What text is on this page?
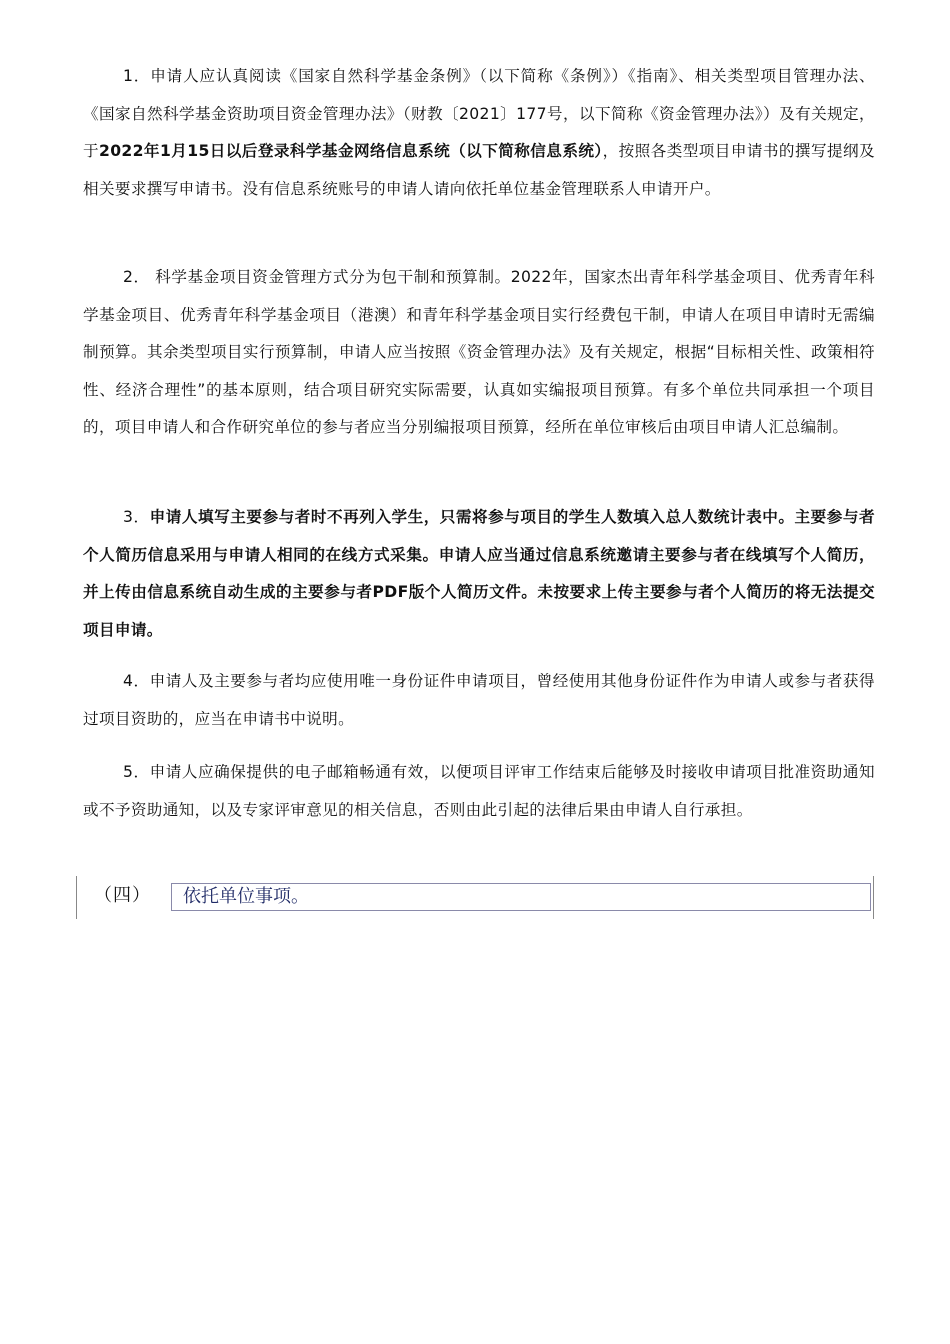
1．申请人应认真阅读《国家自然科学基金条例》（以下简称《条例》）《指南》、相关类型项目管理办法、《国家自然科学基金资助项目资金管理办法》（财教〔2021〕177号，以下简称《资金管理办法》）及有关规定，于2022年1月15日以后登录科学基金网络信息系统（以下简称信息系统），按照各类型项目申请书的撰写提纲及相关要求撰写申请书。没有信息系统账号的申请人请向依托单位基金管理联系人申请开户。

2． 科学基金项目资金管理方式分为包干制和预算制。2022年，国家杰出青年科学基金项目、优秀青年科学基金项目、优秀青年科学基金项目（港澳）和青年科学基金项目实行经费包干制，申请人在项目申请时无需编制预算。其余类型项目实行预算制，申请人应当按照《资金管理办法》及有关规定，根据“目标相关性、政策相符性、经济合理性”的基本原则，结合项目研究实际需要，认真如实编报项目预算。有多个单位共同承担一个项目的，项目申请人和合作研究单位的参与者应当分别编报项目预算，经所在单位审核后由项目申请人汇总编制。

3．申请人填写主要参与者时不再列入学生，只需将参与项目的学生人数填入总人数统计表中。主要参与者个人简历信息采用与申请人相同的在线方式采集。申请人应当通过信息系统邀请主要参与者在线填写个人简历，并上传由信息系统自动生成的主要参与者PDF版个人简历文件。未按要求上传主要参与者个人简历的将无法提交项目申请。

4．申请人及主要参与者均应使用唯一身份证件申请项目，曾经使用其他身份证件作为申请人或参与者获得过项目资助的，应当在申请书中说明。

5．申请人应确保提供的电子邮箱畅通有效，以便项目评审工作结束后能够及时接收申请项目批准资助通知或不予资助通知，以及专家评审意见的相关信息，否则由此引起的法律后果由申请人自行承担。

（四） 依托单位事项。
